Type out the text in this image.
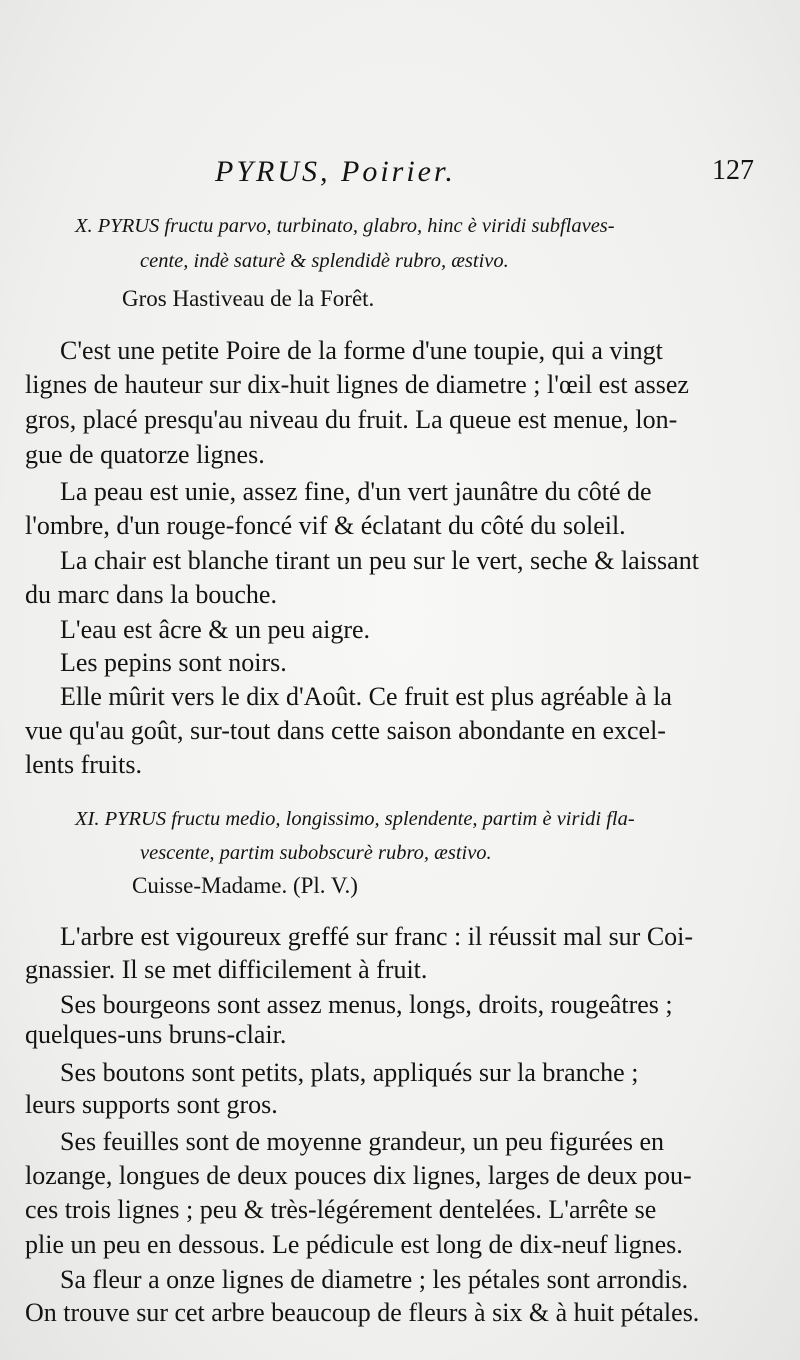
PYRUS, Poirier.	127
X. PYRUS fructu parvo, turbinato, glabro, hinc è viridi subflaves-
cente, indè saturè & splendidè rubro, æstivo.
Gros Hastiveau de la Forêt.
C'est une petite Poire de la forme d'une toupie, qui a vingt
lignes de hauteur sur dix-huit lignes de diametre ; l'œil est assez
gros, placé presqu'au niveau du fruit. La queue est menue, lon-
gue de quatorze lignes.
La peau est unie, assez fine, d'un vert jaunâtre du côté de
l'ombre, d'un rouge-foncé vif & éclatant du côté du soleil.
La chair est blanche tirant un peu sur le vert, seche & laissant
du marc dans la bouche.
L'eau est âcre & un peu aigre.
Les pepins sont noirs.
Elle mûrit vers le dix d'Août. Ce fruit est plus agréable à la
vue qu'au goût, sur-tout dans cette saison abondante en excel-
lents fruits.
XI. PYRUS fructu medio, longissimo, splendente, partim è viridi fla-
vescente, partim subobscurè rubro, æstivo.
Cuisse-Madame. (Pl. V.)
L'arbre est vigoureux greffé sur franc : il réussit mal sur Coi-
gnassier. Il se met difficilement à fruit.
Ses bourgeons sont assez menus, longs, droits, rougeâtres ;
quelques-uns bruns-clair.
Ses boutons sont petits, plats, appliqués sur la branche ;
leurs supports sont gros.
Ses feuilles sont de moyenne grandeur, un peu figurées en
lozange, longues de deux pouces dix lignes, larges de deux pou-
ces trois lignes ; peu & très-légérement dentelées. L'arrête se
plie un peu en dessous. Le pédicule est long de dix-neuf lignes.
Sa fleur a onze lignes de diametre ; les pétales sont arrondis.
On trouve sur cet arbre beaucoup de fleurs à six & à huit pétales.
